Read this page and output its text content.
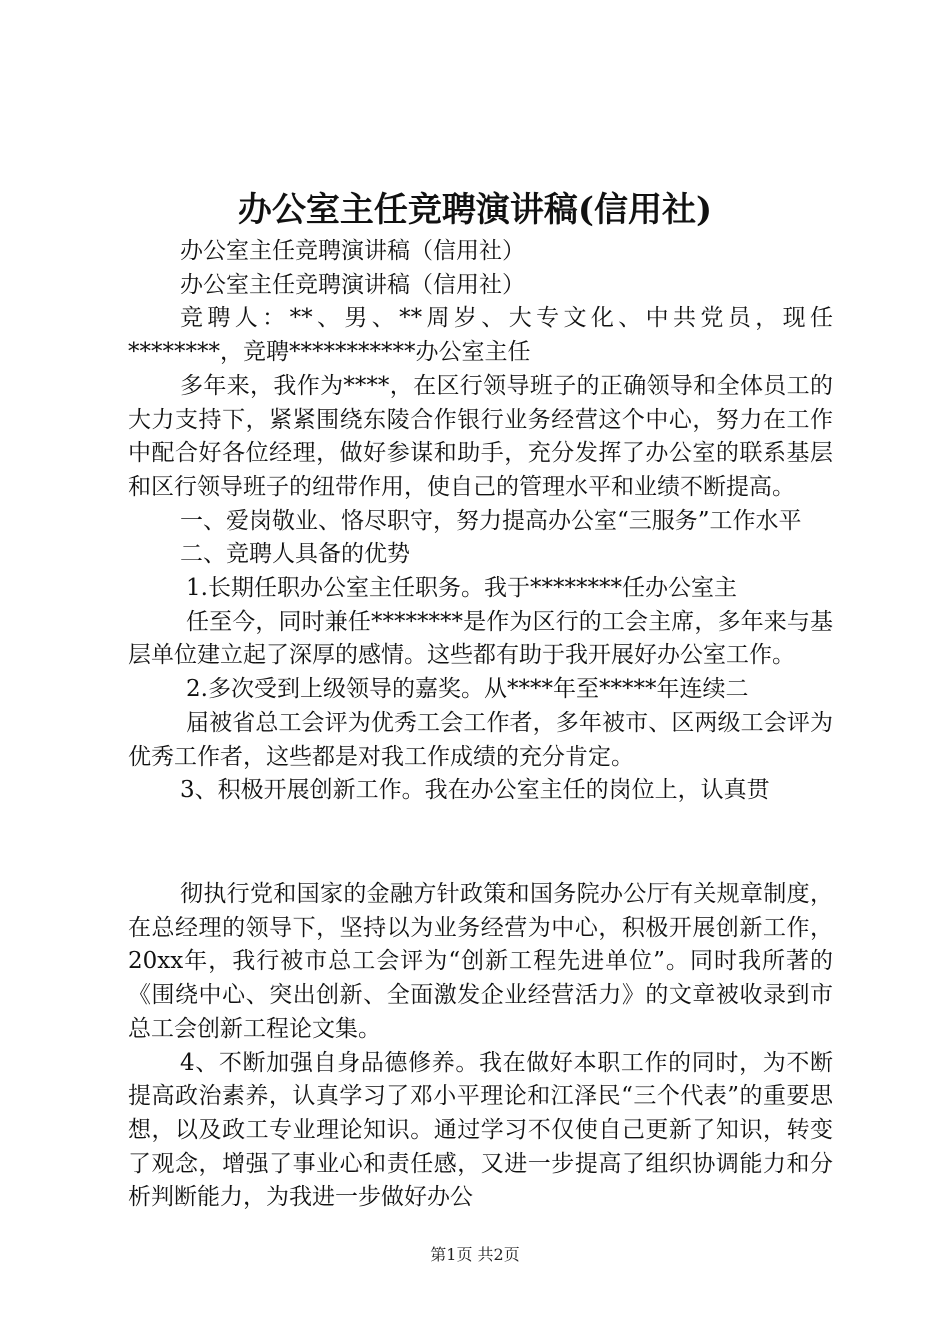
办公室主任竞聘演讲稿(信用社)

办公室主任竞聘演讲稿（信用社）

办公室主任竞聘演讲稿（信用社）

竞聘人：**、男、**周岁、大专文化、中共党员，现任********，竞聘***********办公室主任

多年来，我作为****，在区行领导班子的正确领导和全体员工的大力支持下，紧紧围绕东陵合作银行业务经营这个中心，努力在工作中配合好各位经理，做好参谋和助手，充分发挥了办公室的联系基层和区行领导班子的纽带作用，使自己的管理水平和业绩不断提高。

一、爱岗敬业、恪尽职守，努力提高办公室“三服务”工作水平

二、竞聘人具备的优势

1.长期任职办公室主任职务。我于********任办公室主

任至今，同时兼任********是作为区行的工会主席，多年来与基层单位建立起了深厚的感情。这些都有助于我开展好办公室工作。

2.多次受到上级领导的嘉奖。从****年至*****年连续二

届被省总工会评为优秀工会工作者，多年被市、区两级工会评为优秀工作者，这些都是对我工作成绩的充分肯定。

3、积极开展创新工作。我在办公室主任的岗位上，认真贯

彻执行党和国家的金融方针政策和国务院办公厅有关规章制度，在总经理的领导下，坚持以为业务经营为中心，积极开展创新工作，20xx年，我行被市总工会评为“创新工程先进单位”。同时我所著的《围绕中心、突出创新、全面激发企业经营活力》的文章被收录到市总工会创新工程论文集。

4、不断加强自身品德修养。我在做好本职工作的同时，为不断提高政治素养，认真学习了邓小平理论和江泽民“三个代表”的重要思想，以及政工专业理论知识。通过学习不仅使自己更新了知识，转变了观念，增强了事业心和责任感，又进一步提高了组织协调能力和分析判断能力，为我进一步做好办公

第1页 共2页
